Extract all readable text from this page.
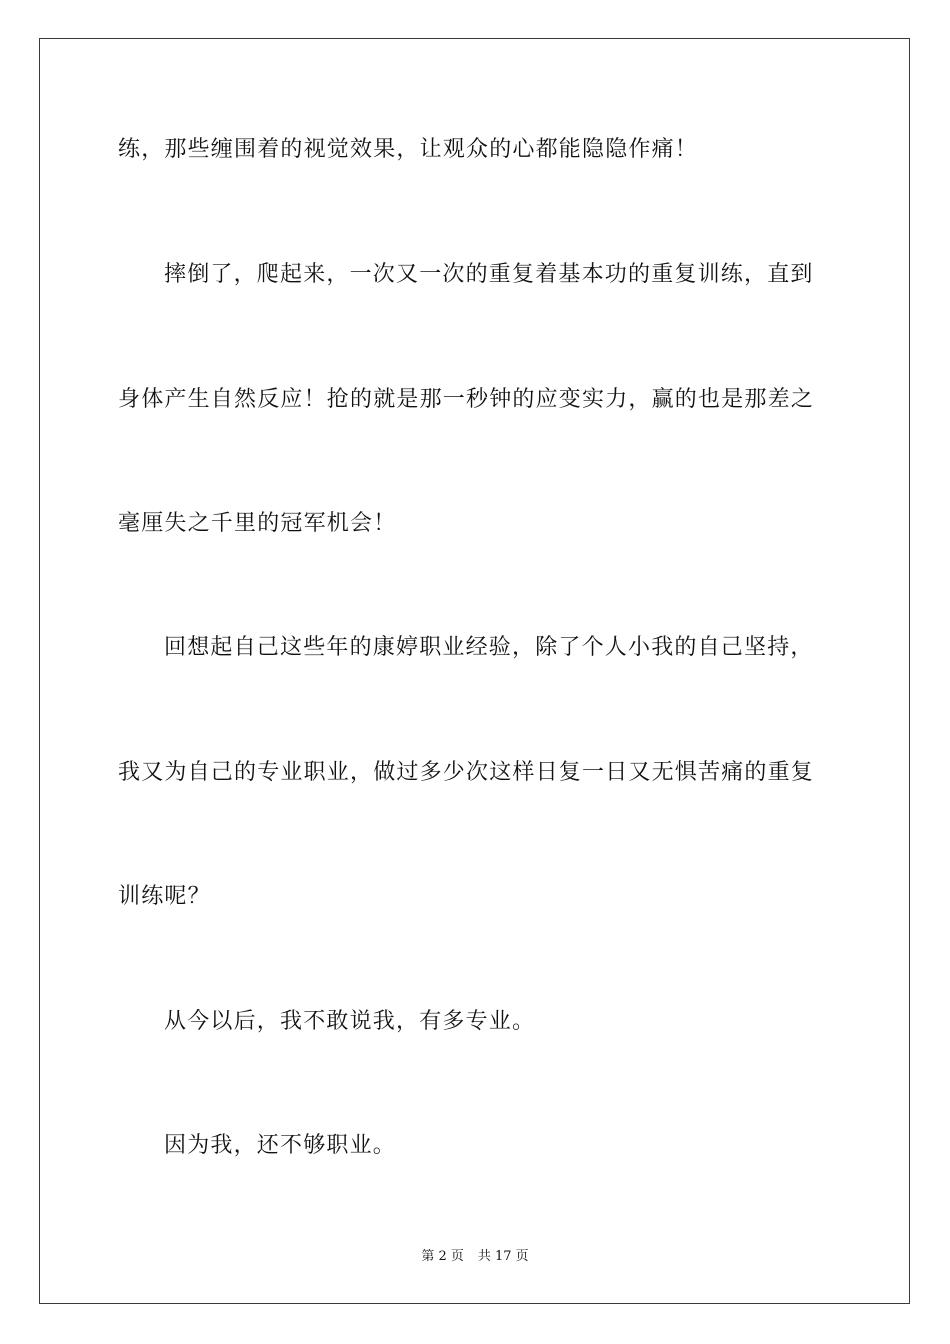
练，那些缠围着的视觉效果，让观众的心都能隐隐作痛！
摔倒了，爬起来，一次又一次的重复着基本功的重复训练，直到
身体产生自然反应！抢的就是那一秒钟的应变实力，赢的也是那差之
毫厘失之千里的冠军机会！
回想起自己这些年的康婷职业经验，除了个人小我的自己坚持，
我又为自己的专业职业，做过多少次这样日复一日又无惧苦痛的重复
训练呢？
从今以后，我不敢说我，有多专业。
因为我，还不够职业。
第 2 页 共 17 页
